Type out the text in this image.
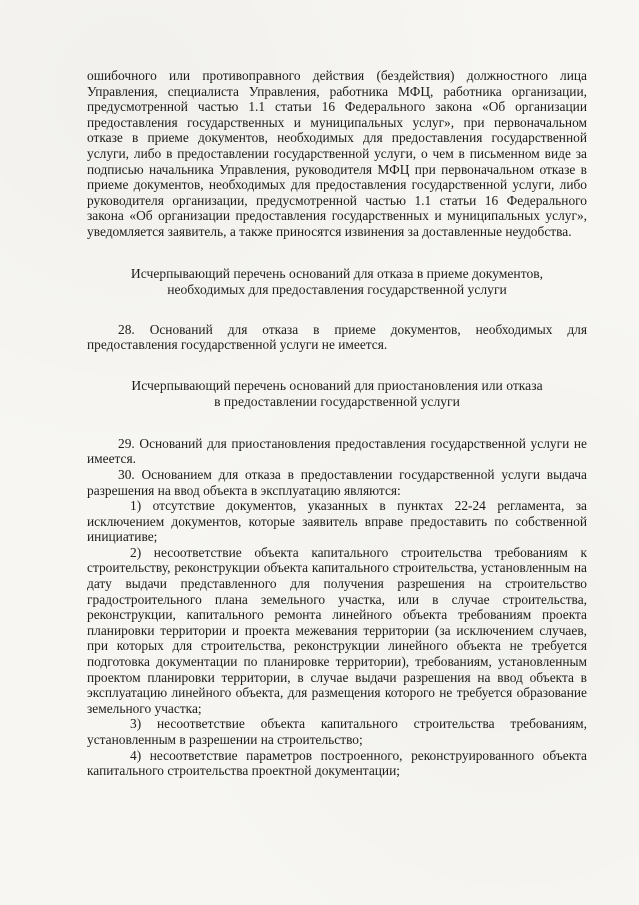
ошибочного или противоправного действия (бездействия) должностного лица Управления, специалиста Управления, работника МФЦ, работника организации, предусмотренной частью 1.1 статьи 16 Федерального закона «Об организации предоставления государственных и муниципальных услуг», при первоначальном отказе в приеме документов, необходимых для предоставления государственной услуги, либо в предоставлении государственной услуги, о чем в письменном виде за подписью начальника Управления, руководителя МФЦ при первоначальном отказе в приеме документов, необходимых для предоставления государственной услуги, либо руководителя организации, предусмотренной частью 1.1 статьи 16 Федерального закона «Об организации предоставления государственных и муниципальных услуг», уведомляется заявитель, а также приносятся извинения за доставленные неудобства.

Исчерпывающий перечень оснований для отказа в приеме документов,
необходимых для предоставления государственной услуги

28. Оснований для отказа в приеме документов, необходимых для предоставления государственной услуги не имеется.

Исчерпывающий перечень оснований для приостановления или отказа
в предоставлении государственной услуги

29. Оснований для приостановления предоставления государственной услуги не имеется.

30. Основанием для отказа в предоставлении государственной услуги выдача разрешения на ввод объекта в эксплуатацию являются:

1) отсутствие документов, указанных в пунктах 22-24 регламента, за исключением документов, которые заявитель вправе предоставить по собственной инициативе;

2) несоответствие объекта капитального строительства требованиям к строительству, реконструкции объекта капитального строительства, установленным на дату выдачи представленного для получения разрешения на строительство градостроительного плана земельного участка, или в случае строительства, реконструкции, капитального ремонта линейного объекта требованиям проекта планировки территории и проекта межевания территории (за исключением случаев, при которых для строительства, реконструкции линейного объекта не требуется подготовка документации по планировке территории), требованиям, установленным проектом планировки территории, в случае выдачи разрешения на ввод объекта в эксплуатацию линейного объекта, для размещения которого не требуется образование земельного участка;

3) несоответствие объекта капитального строительства требованиям, установленным в разрешении на строительство;

4) несоответствие параметров построенного, реконструированного объекта капитального строительства проектной документации;
